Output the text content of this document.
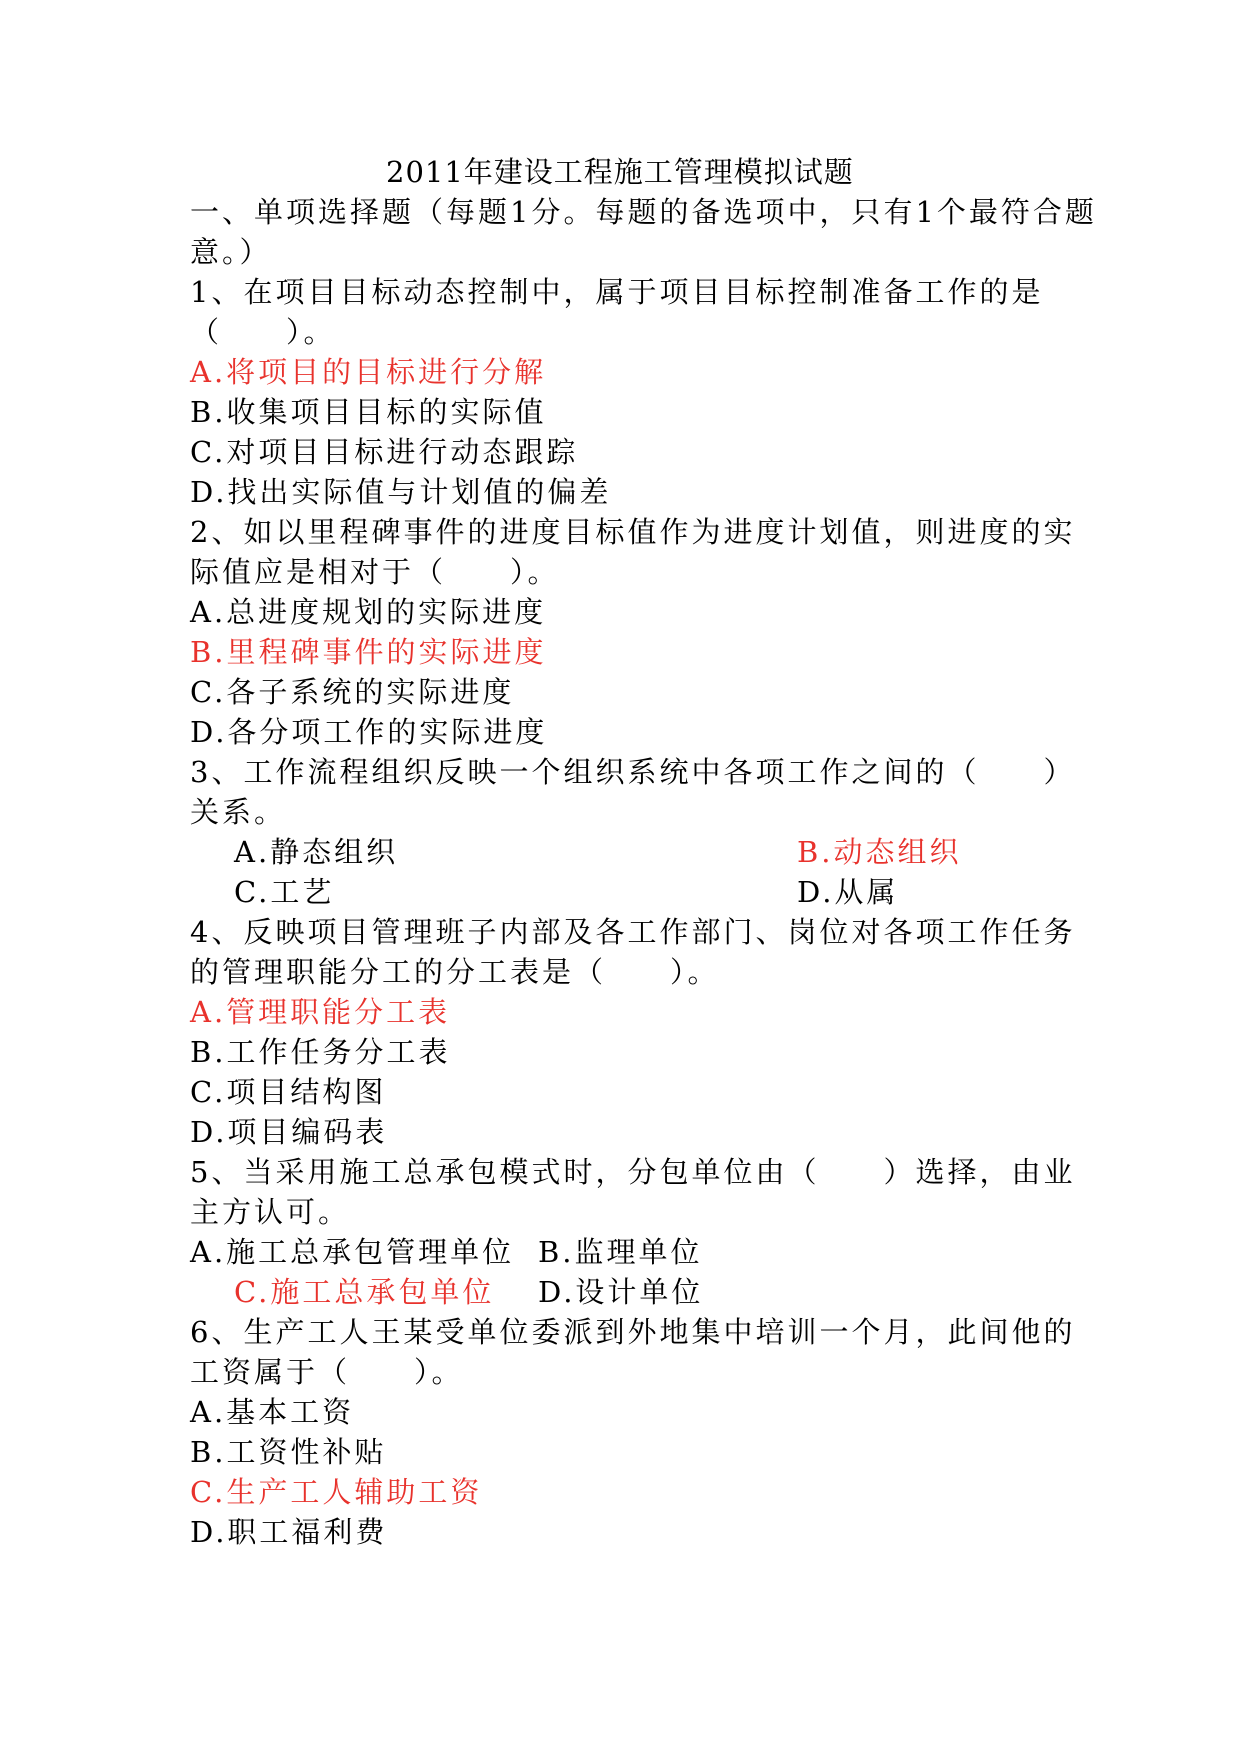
2011年建设工程施工管理模拟试题
一、单项选择题（每题1分。每题的备选项中，只有1个最符合题
意。）
1、在项目目标动态控制中，属于项目目标控制准备工作的是
（　　）。
A.将项目的目标进行分解
B.收集项目目标的实际值
C.对项目目标进行动态跟踪
D.找出实际值与计划值的偏差
2、如以里程碑事件的进度目标值作为进度计划值，则进度的实
际值应是相对于（　　）。
A.总进度规划的实际进度
B.里程碑事件的实际进度
C.各子系统的实际进度
D.各分项工作的实际进度
3、工作流程组织反映一个组织系统中各项工作之间的（　　）
关系。
A.静态组织	B.动态组织
C.工艺	D.从属
4、反映项目管理班子内部及各工作部门、岗位对各项工作任务
的管理职能分工的分工表是（　　）。
A.管理职能分工表
B.工作任务分工表
C.项目结构图
D.项目编码表
5、当采用施工总承包模式时，分包单位由（　　）选择，由业
主方认可。
A.施工总承包管理单位 B.监理单位
C.施工总承包单位 D.设计单位
6、生产工人王某受单位委派到外地集中培训一个月，此间他的
工资属于（　　）。
A.基本工资
B.工资性补贴
C.生产工人辅助工资
D.职工福利费
